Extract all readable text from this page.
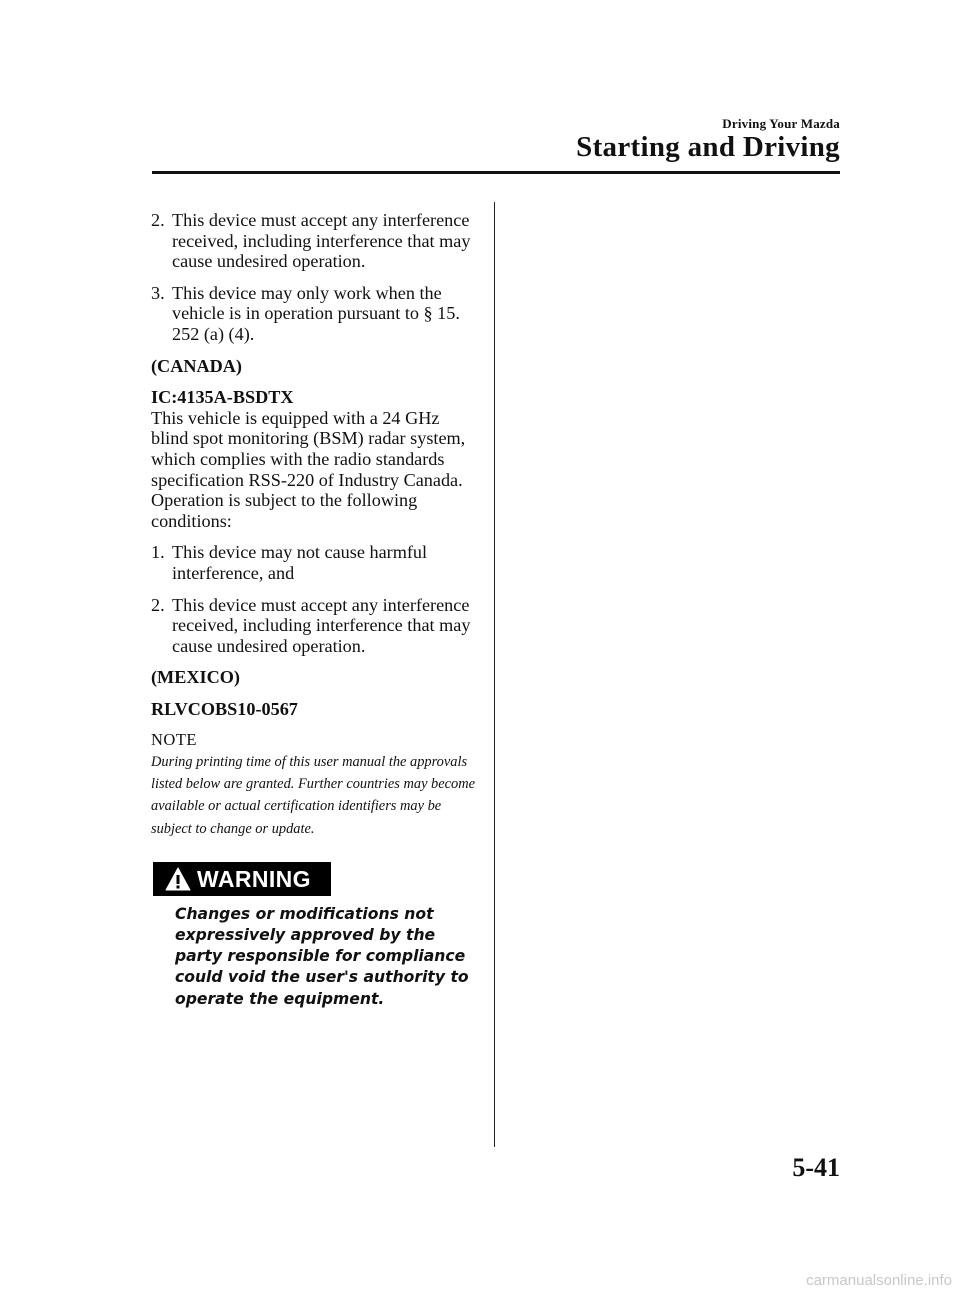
Driving Your Mazda
Starting and Driving
2. This device must accept any interference received, including interference that may cause undesired operation.
3. This device may only work when the vehicle is in operation pursuant to § 15. 252 (a) (4).
(CANADA)
IC:4135A-BSDTX
This vehicle is equipped with a 24 GHz blind spot monitoring (BSM) radar system, which complies with the radio standards specification RSS-220 of Industry Canada. Operation is subject to the following conditions:
1. This device may not cause harmful interference, and
2. This device must accept any interference received, including interference that may cause undesired operation.
(MEXICO)
RLVCOBS10-0567
NOTE
During printing time of this user manual the approvals listed below are granted. Further countries may become available or actual certification identifiers may be subject to change or update.
WARNING
Changes or modifications not expressively approved by the party responsible for compliance could void the user's authority to operate the equipment.
5-41
carmanualsonline.info
